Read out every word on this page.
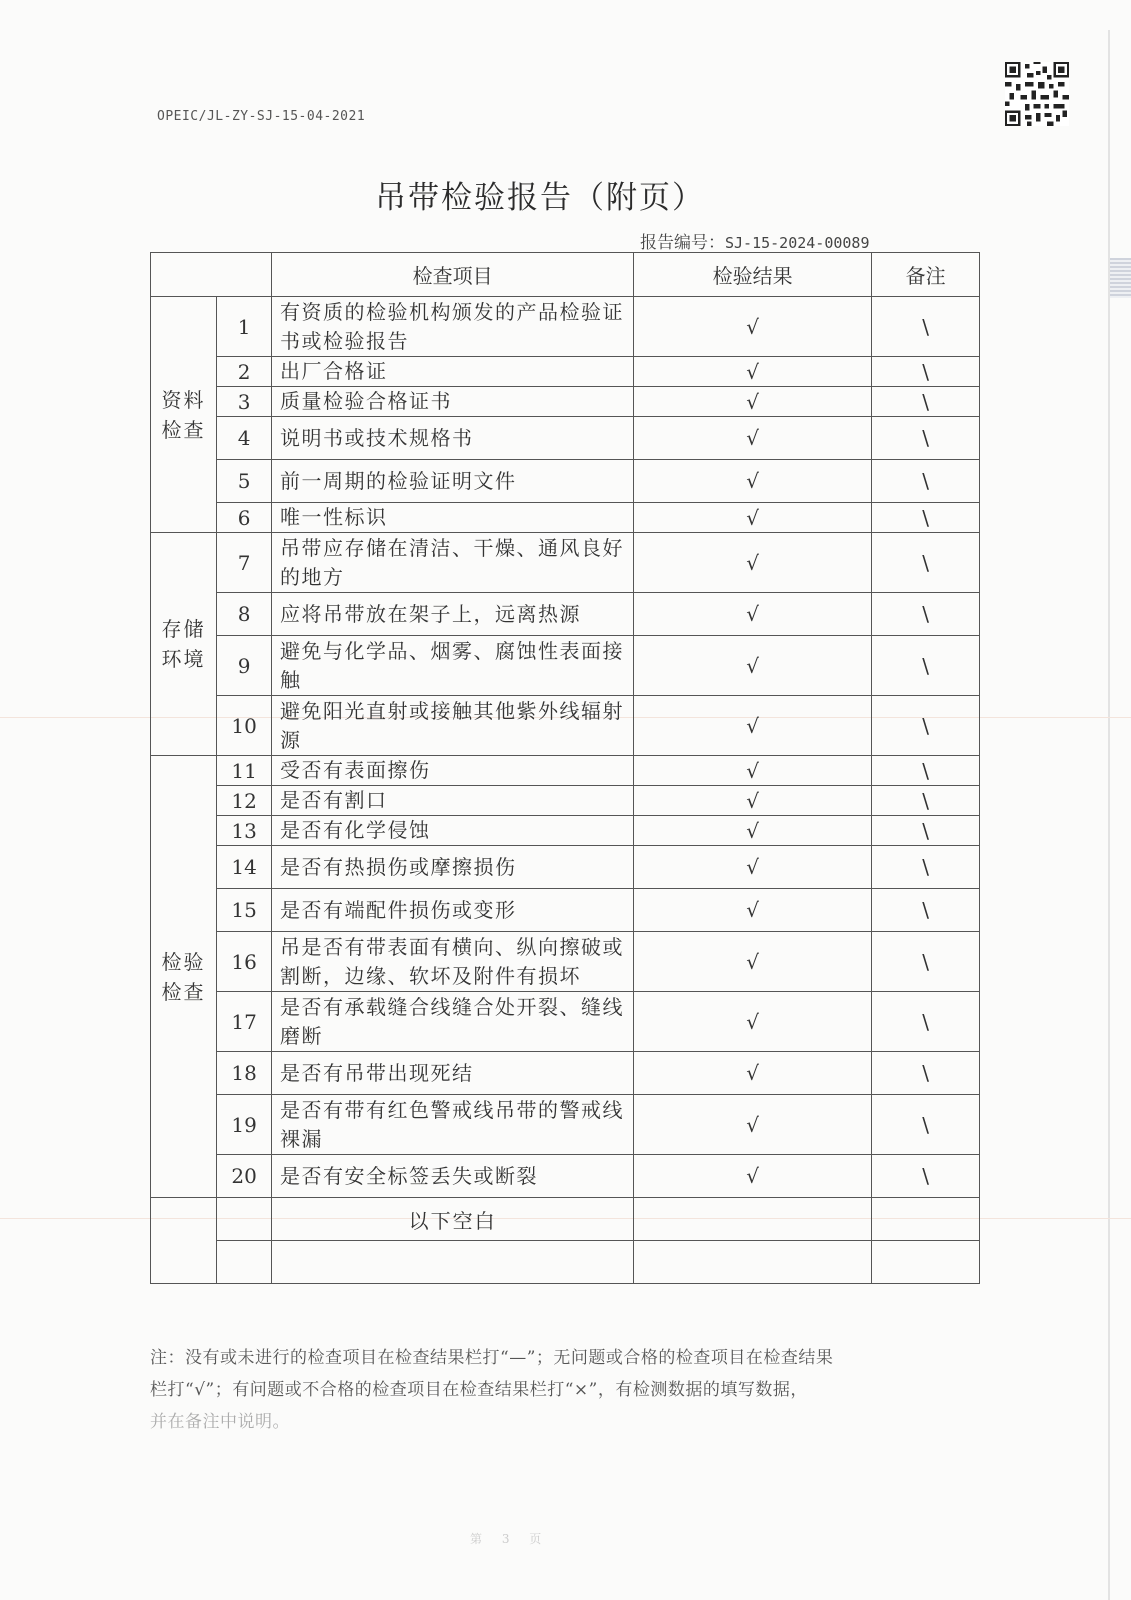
OPEIC/JL-ZY-SJ-15-04-2021
吊带检验报告（附页）
报告编号：SJ-15-2024-00089
		检查项目	检验结果	备注

资料
检查	1	有资质的检验机构颁发的产品检验证书或检验报告	√	\
	2	出厂合格证	√	\
	3	质量检验合格证书	√	\
	4	说明书或技术规格书	√	\
	5	前一周期的检验证明文件	√	\
	6	唯一性标识	√	\

存储
环境	7	吊带应存储在清洁、干燥、通风良好的地方	√	\
	8	应将吊带放在架子上，远离热源	√	\
	9	避免与化学品、烟雾、腐蚀性表面接触	√	\
	10	避免阳光直射或接触其他紫外线辐射源	√	\

检验
检查	11	受否有表面擦伤	√	\
	12	是否有割口	√	\
	13	是否有化学侵蚀	√	\
	14	是否有热损伤或摩擦损伤	√	\
	15	是否有端配件损伤或变形	√	\
	16	吊是否有带表面有横向、纵向擦破或割断，边缘、软坏及附件有损坏	√	\
	17	是否有承载缝合线缝合处开裂、缝线磨断	√	\
	18	是否有吊带出现死结	√	\
	19	是否有带有红色警戒线吊带的警戒线裸漏	√	\
	20	是否有安全标签丢失或断裂	√	\
		以下空白		

注：没有或未进行的检查项目在检查结果栏打“—”；无问题或合格的检查项目在检查结果
栏打“√”；有问题或不合格的检查项目在检查结果栏打“×”，有检测数据的填写数据，
并在备注中说明。
第 3 页
